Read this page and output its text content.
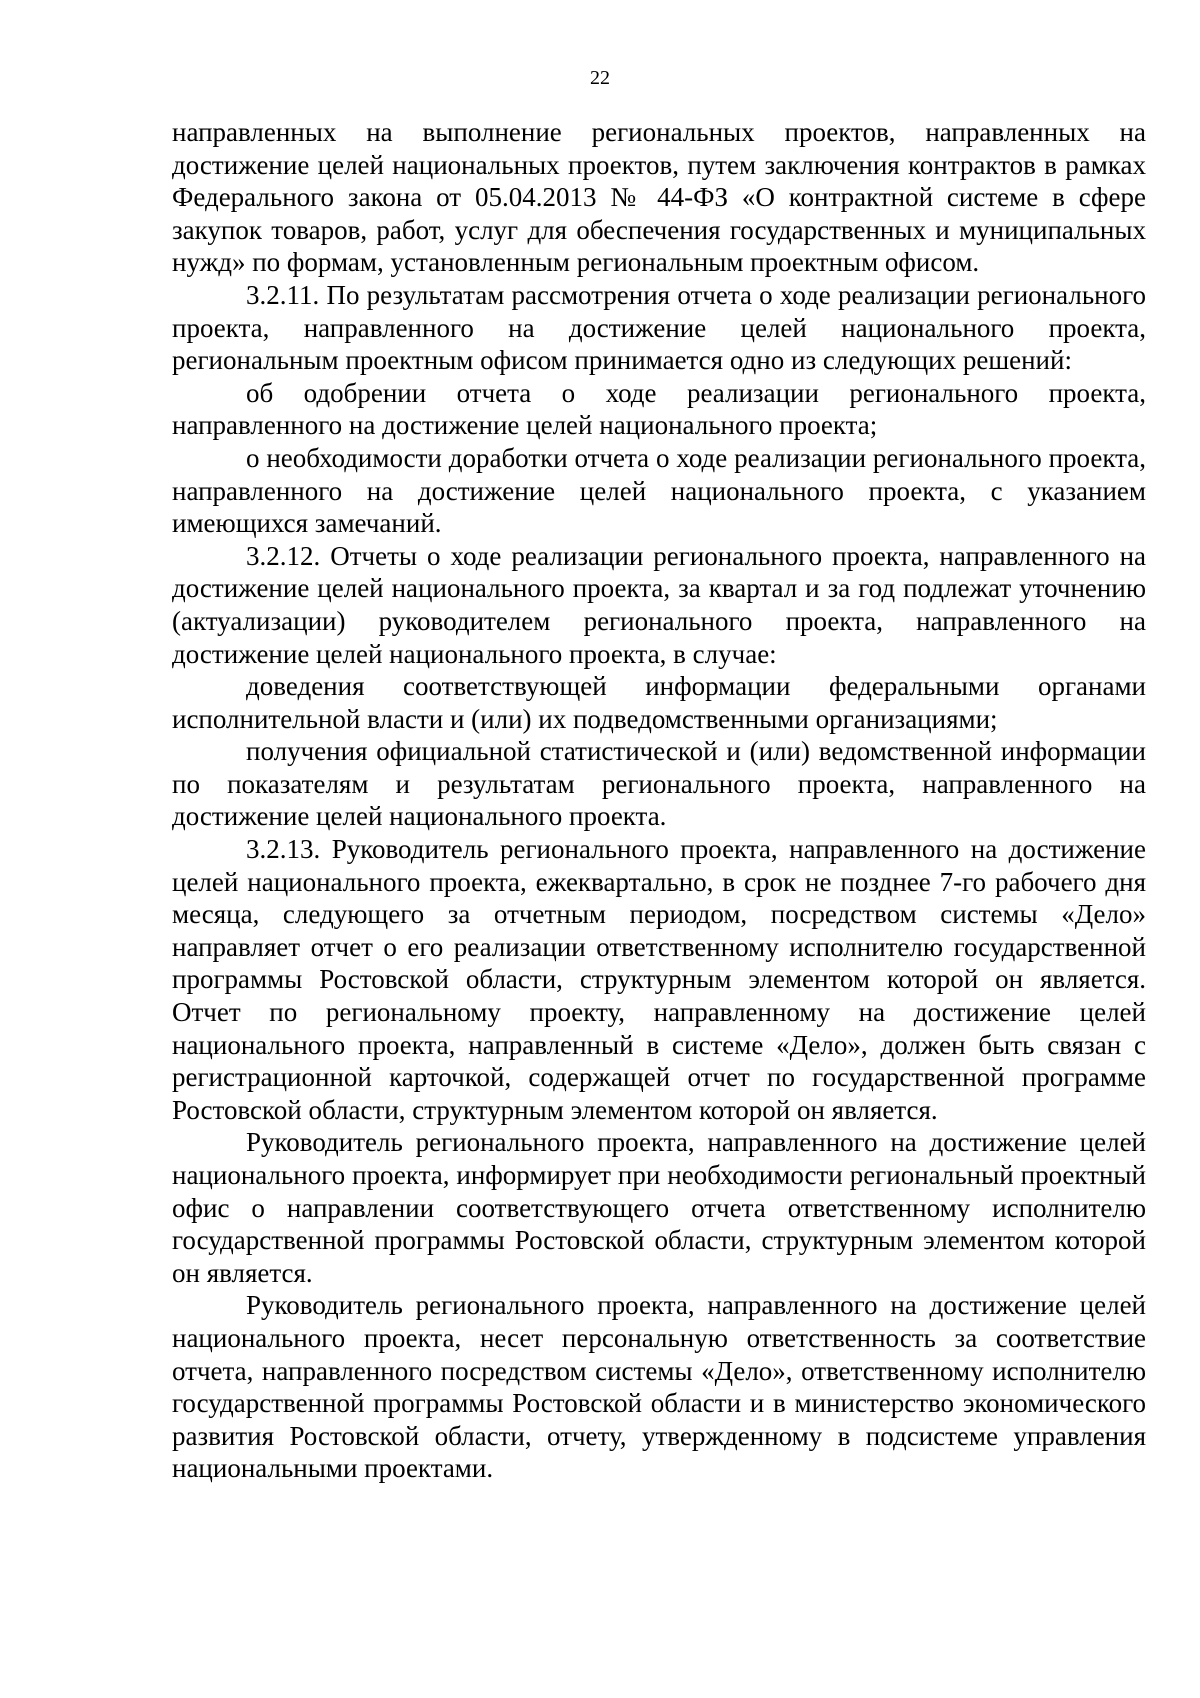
22

направленных на выполнение региональных проектов, направленных на достижение целей национальных проектов, путем заключения контрактов в рамках Федерального закона от 05.04.2013 № 44-ФЗ «О контрактной системе в сфере закупок товаров, работ, услуг для обеспечения государственных и муниципальных нужд» по формам, установленным региональным проектным офисом.

3.2.11. По результатам рассмотрения отчета о ходе реализации регионального проекта, направленного на достижение целей национального проекта, региональным проектным офисом принимается одно из следующих решений:

об одобрении отчета о ходе реализации регионального проекта, направленного на достижение целей национального проекта;

о необходимости доработки отчета о ходе реализации регионального проекта, направленного на достижение целей национального проекта, с указанием имеющихся замечаний.

3.2.12. Отчеты о ходе реализации регионального проекта, направленного на достижение целей национального проекта, за квартал и за год подлежат уточнению (актуализации) руководителем регионального проекта, направленного на достижение целей национального проекта, в случае:

доведения соответствующей информации федеральными органами исполнительной власти и (или) их подведомственными организациями;

получения официальной статистической и (или) ведомственной информации по показателям и результатам регионального проекта, направленного на достижение целей национального проекта.

3.2.13. Руководитель регионального проекта, направленного на достижение целей национального проекта, ежеквартально, в срок не позднее 7-го рабочего дня месяца, следующего за отчетным периодом, посредством системы «Дело» направляет отчет о его реализации ответственному исполнителю государственной программы Ростовской области, структурным элементом которой он является. Отчет по региональному проекту, направленному на достижение целей национального проекта, направленный в системе «Дело», должен быть связан с регистрационной карточкой, содержащей отчет по государственной программе Ростовской области, структурным элементом которой он является.

Руководитель регионального проекта, направленного на достижение целей национального проекта, информирует при необходимости региональный проектный офис о направлении соответствующего отчета ответственному исполнителю государственной программы Ростовской области, структурным элементом которой он является.

Руководитель регионального проекта, направленного на достижение целей национального проекта, несет персональную ответственность за соответствие отчета, направленного посредством системы «Дело», ответственному исполнителю государственной программы Ростовской области и в министерство экономического развития Ростовской области, отчету, утвержденному в подсистеме управления национальными проектами.
